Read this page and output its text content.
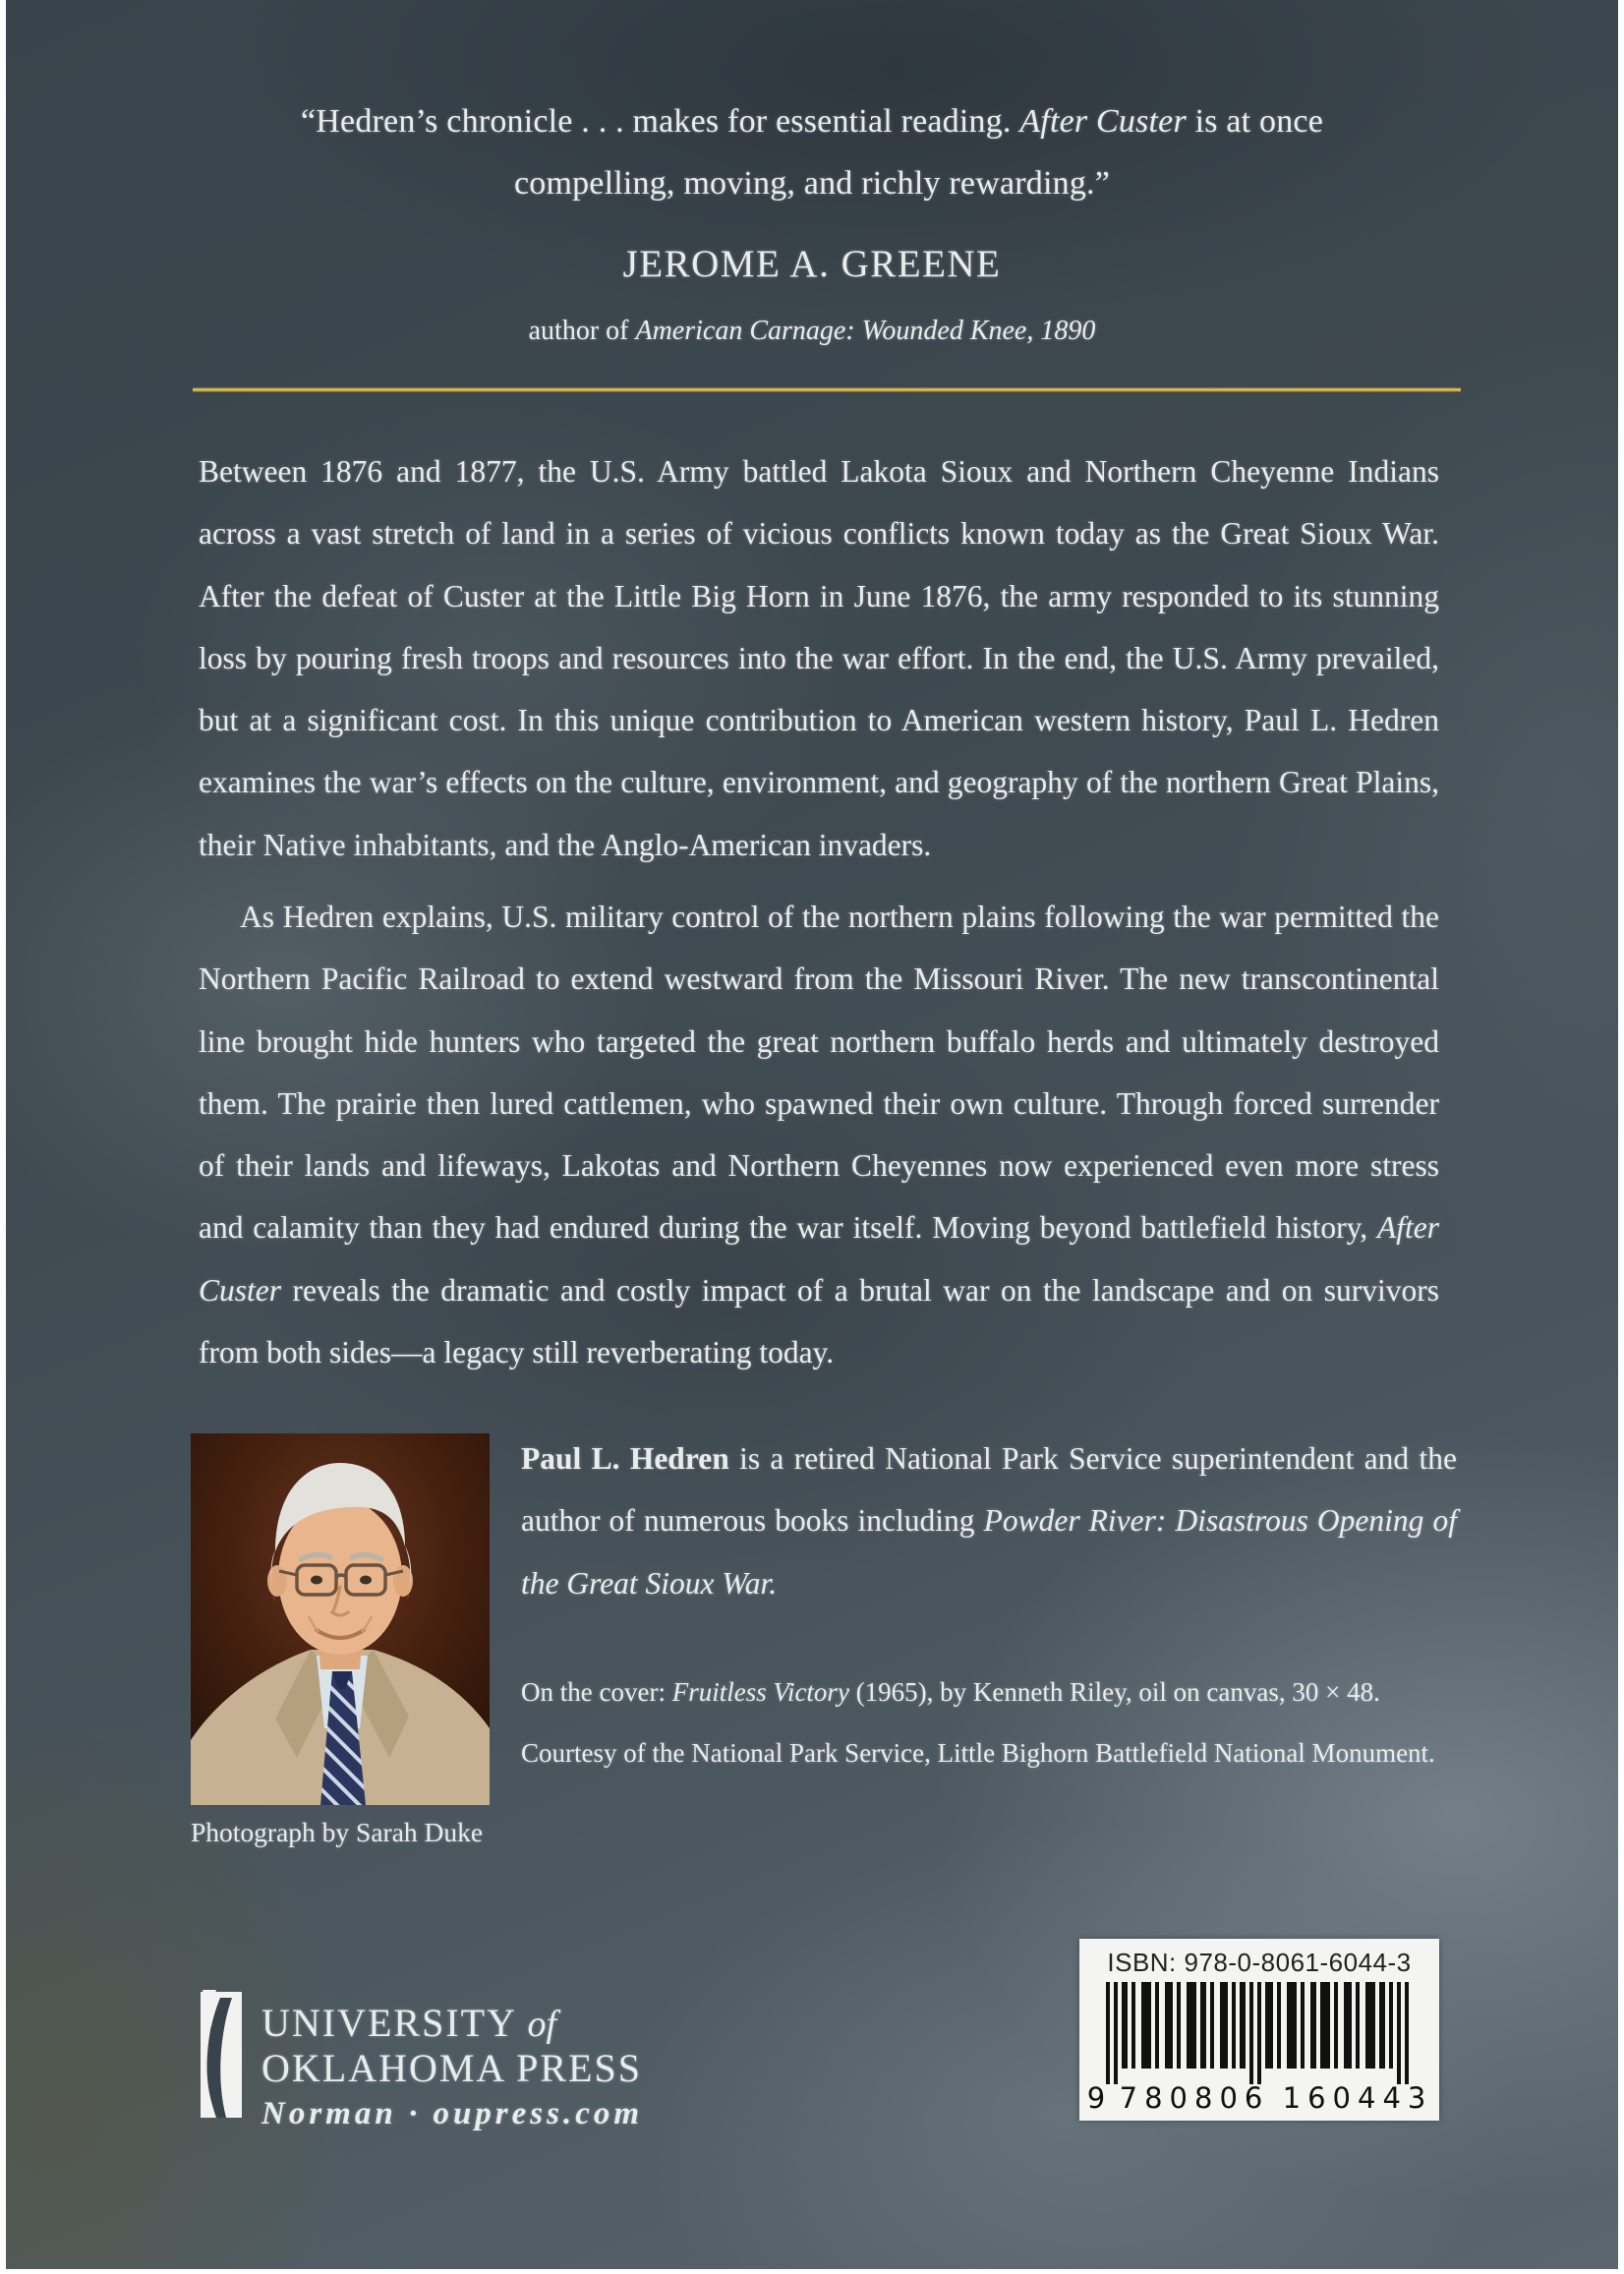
“Hedren’s chronicle . . . makes for essential reading. After Custer is at once compelling, moving, and richly rewarding.”
JEROME A. GREENE
author of American Carnage: Wounded Knee, 1890
Between 1876 and 1877, the U.S. Army battled Lakota Sioux and Northern Cheyenne Indians across a vast stretch of land in a series of vicious conflicts known today as the Great Sioux War. After the defeat of Custer at the Little Big Horn in June 1876, the army responded to its stunning loss by pouring fresh troops and resources into the war effort. In the end, the U.S. Army prevailed, but at a significant cost. In this unique contribution to American western history, Paul L. Hedren examines the war’s effects on the culture, environment, and geography of the northern Great Plains, their Native inhabitants, and the Anglo-American invaders.
As Hedren explains, U.S. military control of the northern plains following the war permitted the Northern Pacific Railroad to extend westward from the Missouri River. The new transcontinental line brought hide hunters who targeted the great northern buffalo herds and ultimately destroyed them. The prairie then lured cattlemen, who spawned their own culture. Through forced surrender of their lands and lifeways, Lakotas and Northern Cheyennes now experienced even more stress and calamity than they had endured during the war itself. Moving beyond battlefield history, After Custer reveals the dramatic and costly impact of a brutal war on the landscape and on survivors from both sides—a legacy still reverberating today.
Paul L. Hedren is a retired National Park Service superintendent and the author of numerous books including Powder River: Disastrous Opening of the Great Sioux War.
On the cover: Fruitless Victory (1965), by Kenneth Riley, oil on canvas, 30 × 48. Courtesy of the National Park Service, Little Bighorn Battlefield National Monument.
Photograph by Sarah Duke
UNIVERSITY of
OKLAHOMA PRESS
Norman · oupress.com
ISBN: 978-0-8061-6044-3
9 780806 160443
